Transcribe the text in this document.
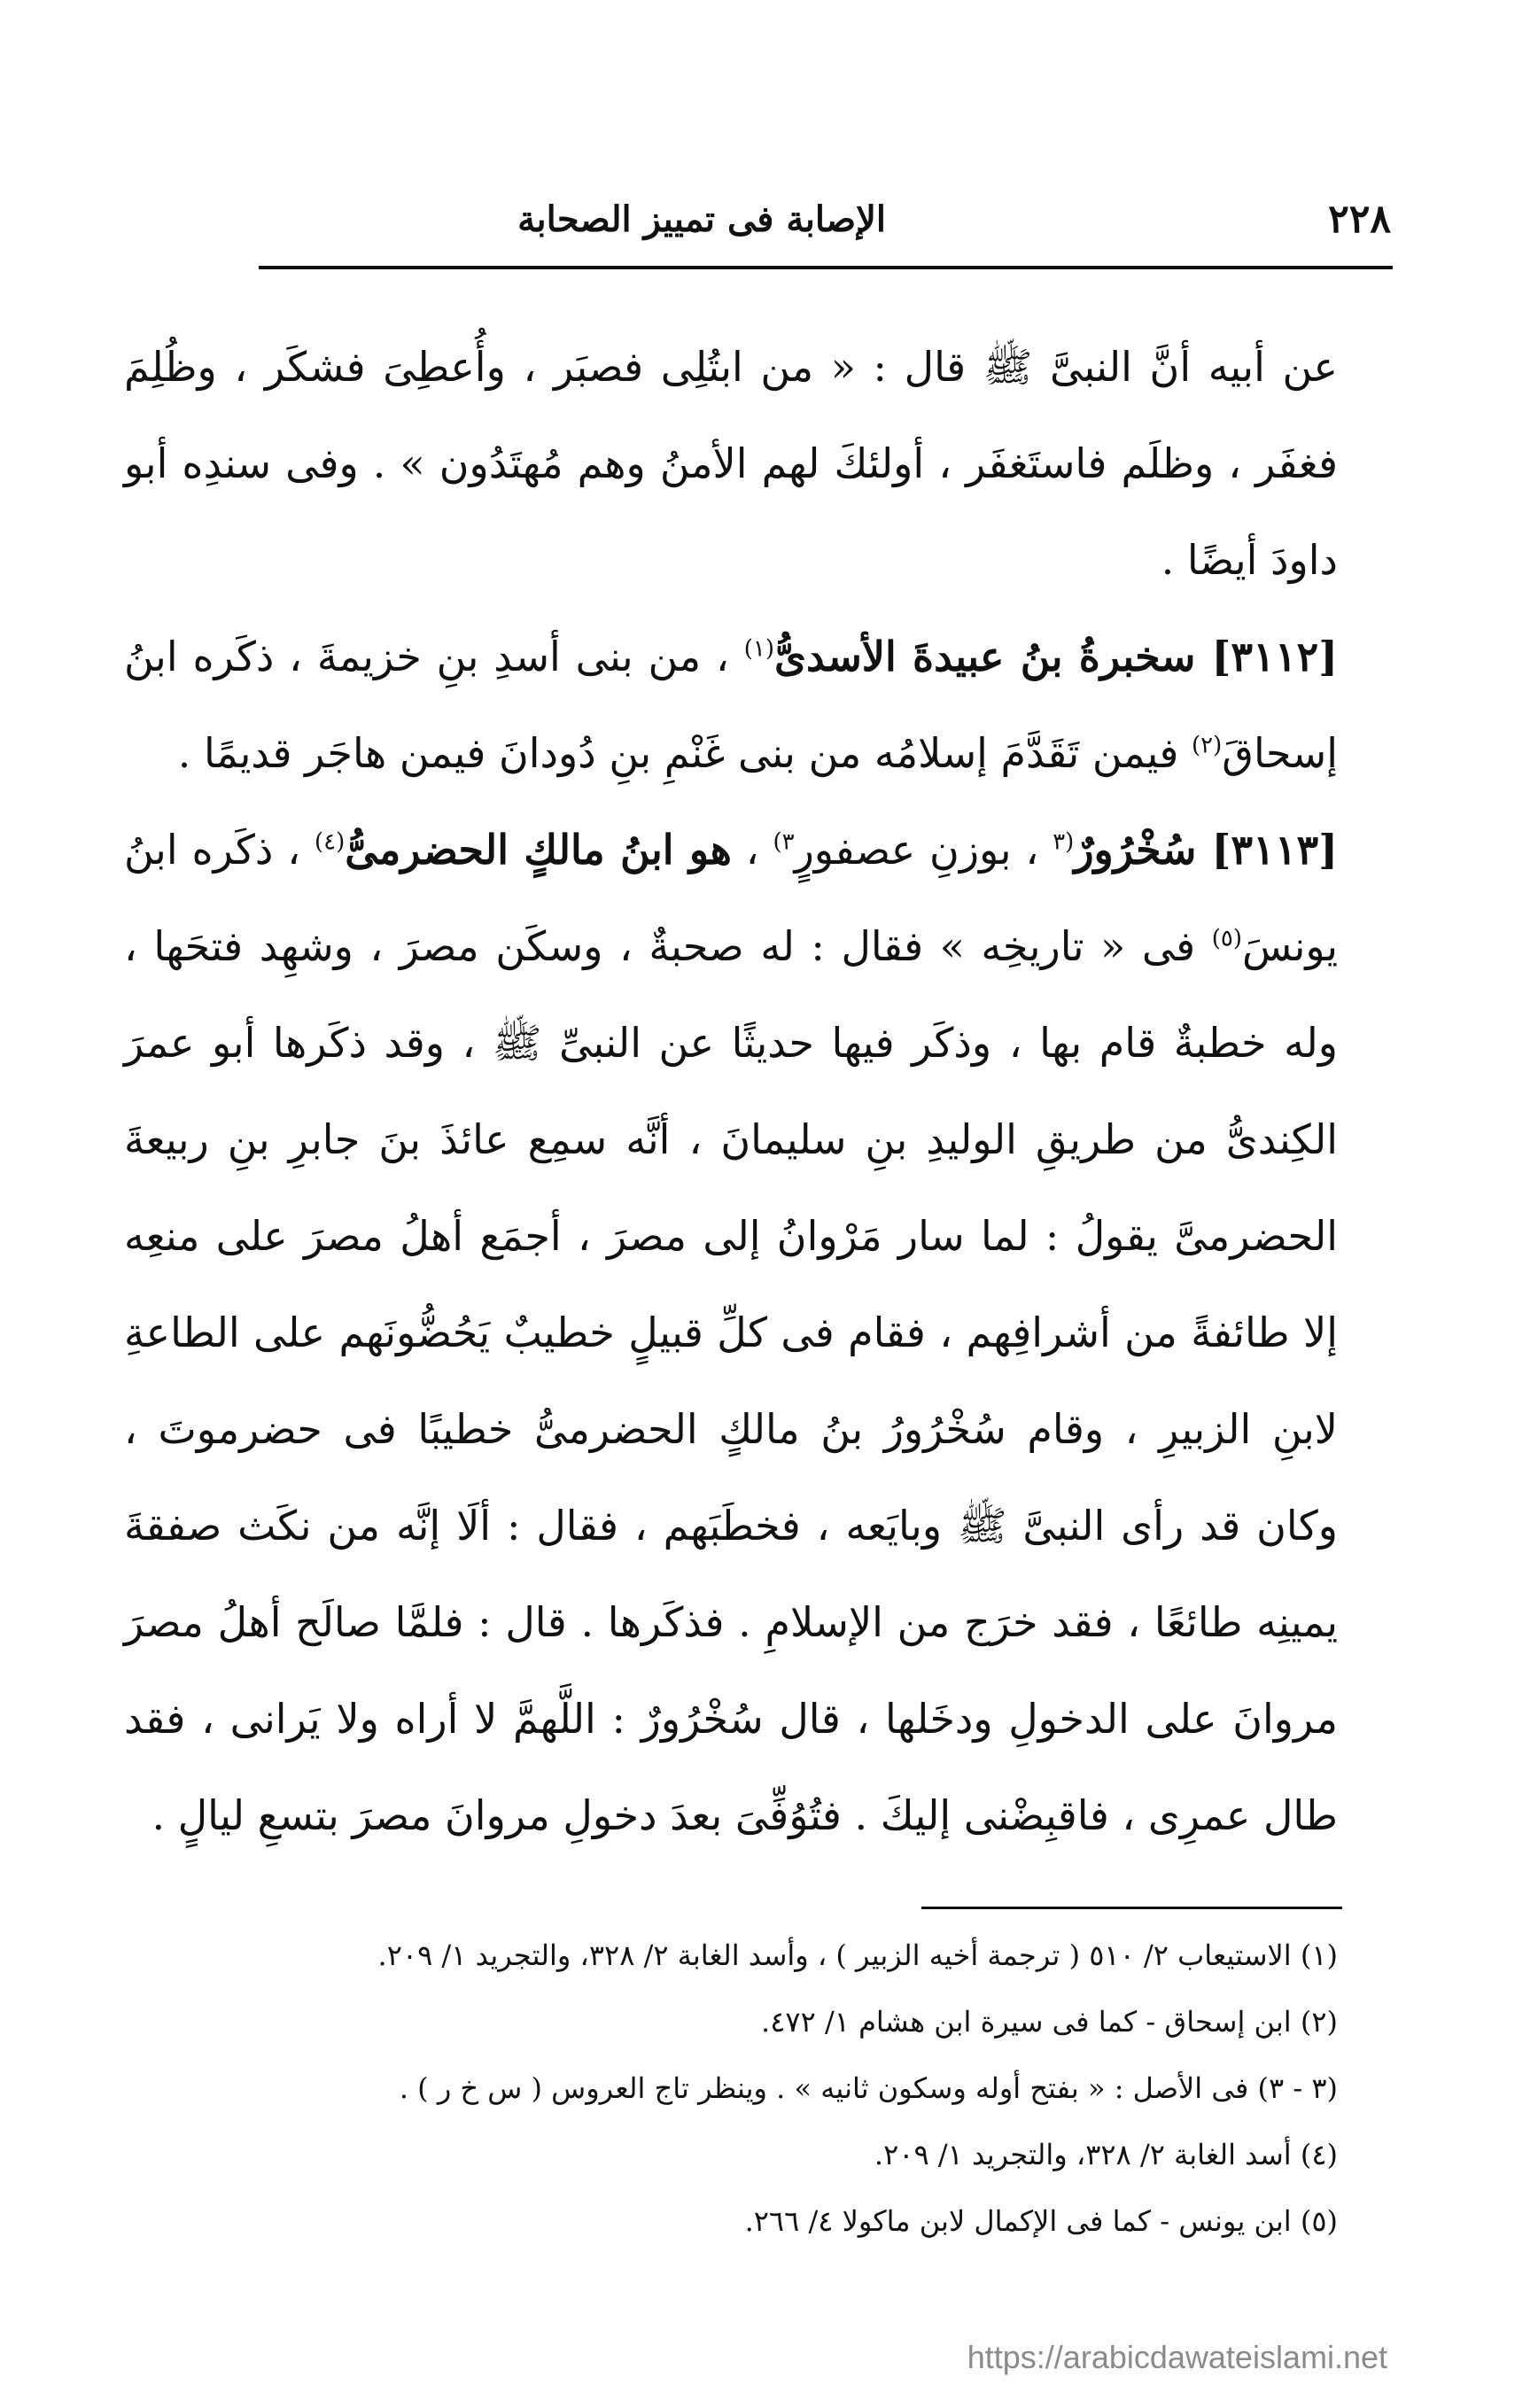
٢٢٨
الإصابة فى تمييز الصحابة

عن أبيه أنَّ النبىَّ ﷺ قال : « من ابتُلِى فصبَر ، وأُعطِىَ فشكَر ، وظُلِمَ فغفَر ، وظلَم فاستَغفَر ، أولئكَ لهم الأمنُ وهم مُهتَدُون » . وفى سندِه أبو داودَ أيضًا .

[٣١١٢] سخبرةُ بنُ عبيدةَ الأسدىُّ$^{(١)}$ ، من بنى أسدِ بنِ خزيمةَ ، ذكَره ابنُ إسحاقَ$^{(٢)}$ فيمن تَقَدَّمَ إسلامُه من بنى غَنْمِ بنِ دُودانَ فيمن هاجَر قديمًا .

[٣١١٣] سُخْرُورٌ$^{(٣}$ ، بوزنِ عصفورٍ$^{٣)}$ ، هو ابنُ مالكٍ الحضرمىُّ$^{(٤)}$ ، ذكَره ابنُ يونسَ$^{(٥)}$ فى « تاريخِه » فقال : له صحبةٌ ، وسكَن مصرَ ، وشهِد فتحَها ، وله خطبةٌ قام بها ، وذكَر فيها حديثًا عن النبىِّ ﷺ ، وقد ذكَرها أبو عمرَ الكِندىُّ من طريقِ الوليدِ بنِ سليمانَ ، أنَّه سمِع عائذَ بنَ جابرِ بنِ ربيعةَ الحضرمىَّ يقولُ : لما سار مَرْوانُ إلى مصرَ ، أجمَع أهلُ مصرَ على منعِه إلا طائفةً من أشرافِهم ، فقام فى كلِّ قبيلٍ خطيبٌ يَحُضُّونَهم على الطاعةِ لابنِ الزبيرِ ، وقام سُخْرُورُ بنُ مالكٍ الحضرمىُّ خطيبًا فى حضرموتَ ، وكان قد رأى النبىَّ ﷺ وبايَعه ، فخطَبَهم ، فقال : ألَا إنَّه من نكَث صفقةَ يمينِه طائعًا ، فقد خرَج من الإسلامِ . فذكَرها . قال : فلمَّا صالَح أهلُ مصرَ مروانَ على الدخولِ ودخَلها ، قال سُخْرُورٌ : اللَّهمَّ لا أراه ولا يَرانى ، فقد طال عمرِى ، فاقبِضْنى إليكَ . فتُوُفِّىَ بعدَ دخولِ مروانَ مصرَ بتسعِ ليالٍ .

(١) الاستيعاب ٢/ ٥١٠ ( ترجمة أخيه الزبير ) ، وأسد الغابة ٢/ ٣٢٨، والتجريد ١/ ٢٠٩.
(٢) ابن إسحاق - كما فى سيرة ابن هشام ١/ ٤٧٢.
(٣ - ٣) فى الأصل : « بفتح أوله وسكون ثانيه » . وينظر تاج العروس ( س خ ر ) .
(٤) أسد الغابة ٢/ ٣٢٨، والتجريد ١/ ٢٠٩.
(٥) ابن يونس - كما فى الإكمال لابن ماكولا ٤/ ٢٦٦.
https://arabicdawateislami.net
